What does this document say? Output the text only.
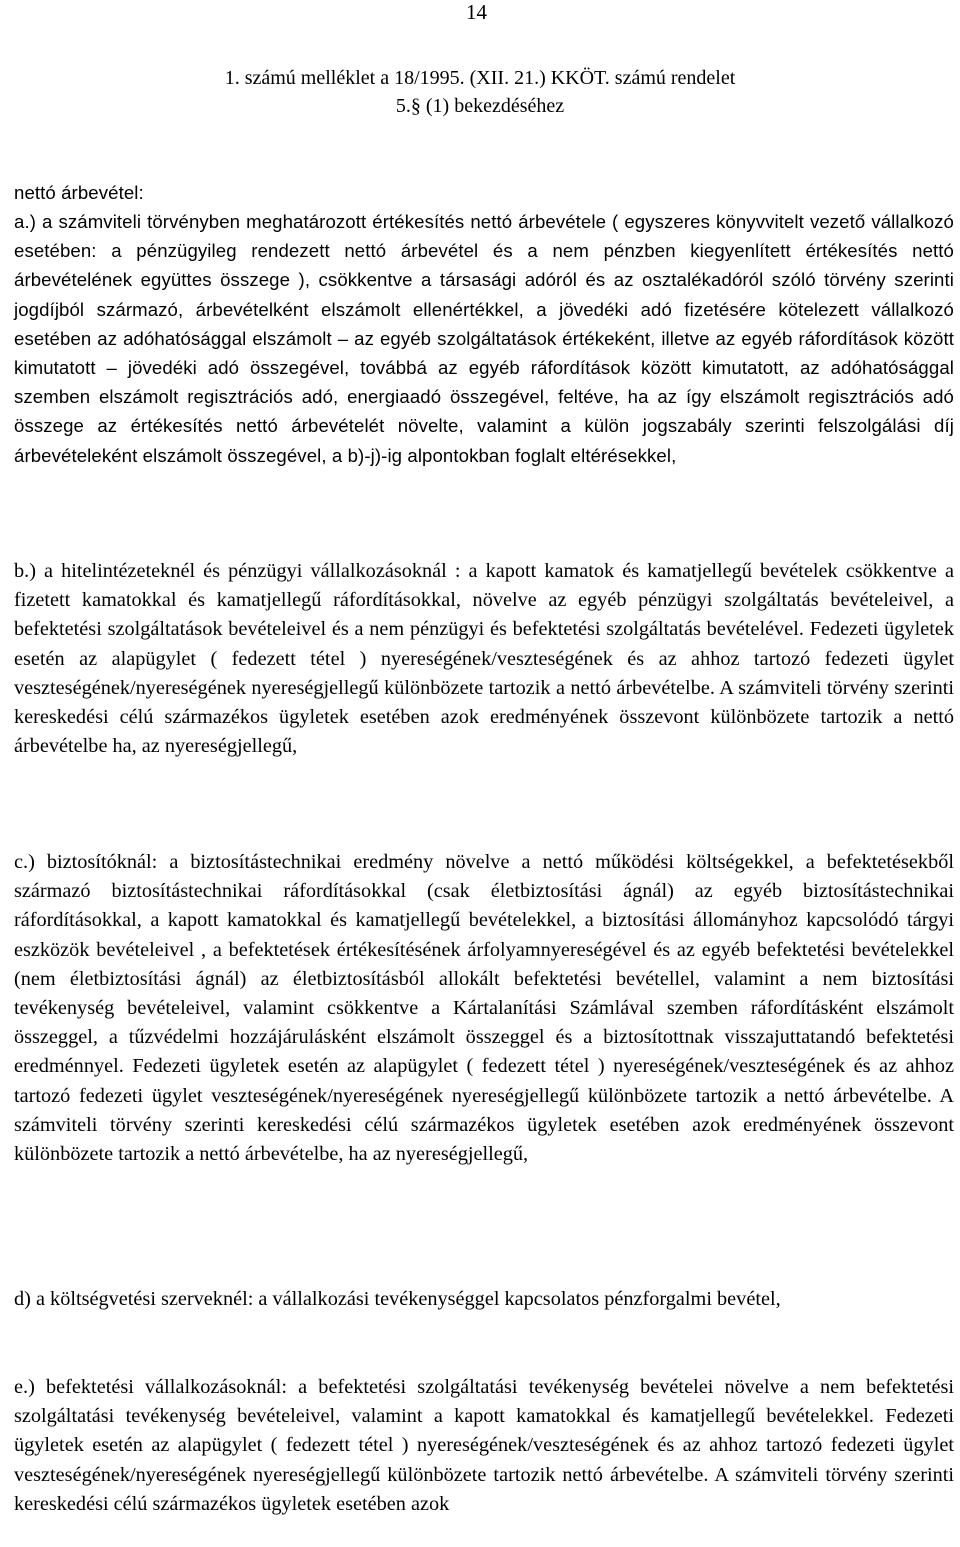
14
1. számú melléklet a 18/1995. (XII. 21.) KKÖT. számú rendelet
5.§ (1) bekezdéséhez
nettó árbevétel:
a.) a számviteli törvényben meghatározott értékesítés nettó árbevétele ( egyszeres könyvvitelt vezető vállalkozó esetében: a pénzügyileg rendezett nettó árbevétel és a nem pénzben kiegyenlített értékesítés nettó árbevételének együttes összege ), csökkentve a társasági adóról és az osztalékadóról szóló törvény szerinti jogdíjból származó, árbevételként elszámolt ellenértékkel, a jövedéki adó fizetésére kötelezett vállalkozó esetében az adóhatósággal elszámolt – az egyéb szolgáltatások értékeként, illetve az egyéb ráfordítások között kimutatott – jövedéki adó összegével, továbbá az egyéb ráfordítások között kimutatott, az adóhatósággal szemben elszámolt regisztrációs adó, energiaadó összegével, feltéve, ha az így elszámolt regisztrációs adó összege az értékesítés nettó árbevételét növelte, valamint a külön jogszabály szerinti felszolgálási díj árbevételeként elszámolt összegével, a b)-j)-ig alpontokban foglalt eltérésekkel,
b.) a hitelintézeteknél és pénzügyi vállalkozásoknál : a kapott kamatok és kamatjellegű bevételek csökkentve a fizetett kamatokkal és kamatjellegű ráfordításokkal, növelve az egyéb pénzügyi szolgáltatás bevételeivel, a befektetési szolgáltatások bevételeivel és a nem pénzügyi és befektetési szolgáltatás bevételével. Fedezeti ügyletek esetén az alapügylet ( fedezett tétel ) nyereségének/veszteségének és az ahhoz tartozó fedezeti ügylet veszteségének/nyereségének nyereségjellegű különbözete tartozik a nettó árbevételbe. A számviteli törvény szerinti kereskedési célú származékos ügyletek esetében azok eredményének összevont különbözete tartozik a nettó árbevételbe ha, az nyereségjellegű,
c.) biztosítóknál: a biztosítástechnikai eredmény növelve a nettó működési költségekkel, a befektetésekből származó biztosítástechnikai ráfordításokkal (csak életbiztosítási ágnál) az egyéb biztosítástechnikai ráfordításokkal, a kapott kamatokkal és kamatjellegű bevételekkel, a biztosítási állományhoz kapcsolódó tárgyi eszközök bevételeivel , a befektetések értékesítésének árfolyamnyereségével és az egyéb befektetési bevételekkel (nem életbiztosítási ágnál) az életbiztosításból allokált befektetési bevétellel, valamint a nem biztosítási tevékenység bevételeivel, valamint csökkentve a Kártalanítási Számlával szemben ráfordításként elszámolt összeggel, a tűzvédelmi hozzájárulásként elszámolt összeggel és a biztosítottnak visszajuttatandó befektetési eredménnyel. Fedezeti ügyletek esetén az alapügylet ( fedezett tétel ) nyereségének/veszteségének és az ahhoz tartozó fedezeti ügylet veszteségének/nyereségének nyereségjellegű különbözete tartozik a nettó árbevételbe. A számviteli törvény szerinti kereskedési célú származékos ügyletek esetében azok eredményének összevont különbözete tartozik a nettó árbevételbe, ha az nyereségjellegű,
d) a költségvetési szerveknél: a vállalkozási tevékenységgel kapcsolatos pénzforgalmi bevétel,
e.) befektetési vállalkozásoknál: a befektetési szolgáltatási tevékenység bevételei növelve a nem befektetési szolgáltatási tevékenység bevételeivel, valamint a kapott kamatokkal és kamatjellegű bevételekkel. Fedezeti ügyletek esetén az alapügylet ( fedezett tétel ) nyereségének/veszteségének és az ahhoz tartozó fedezeti ügylet veszteségének/nyereségének nyereségjellegű különbözete tartozik nettó árbevételbe. A számviteli törvény szerinti kereskedési célú származékos ügyletek esetében azok
